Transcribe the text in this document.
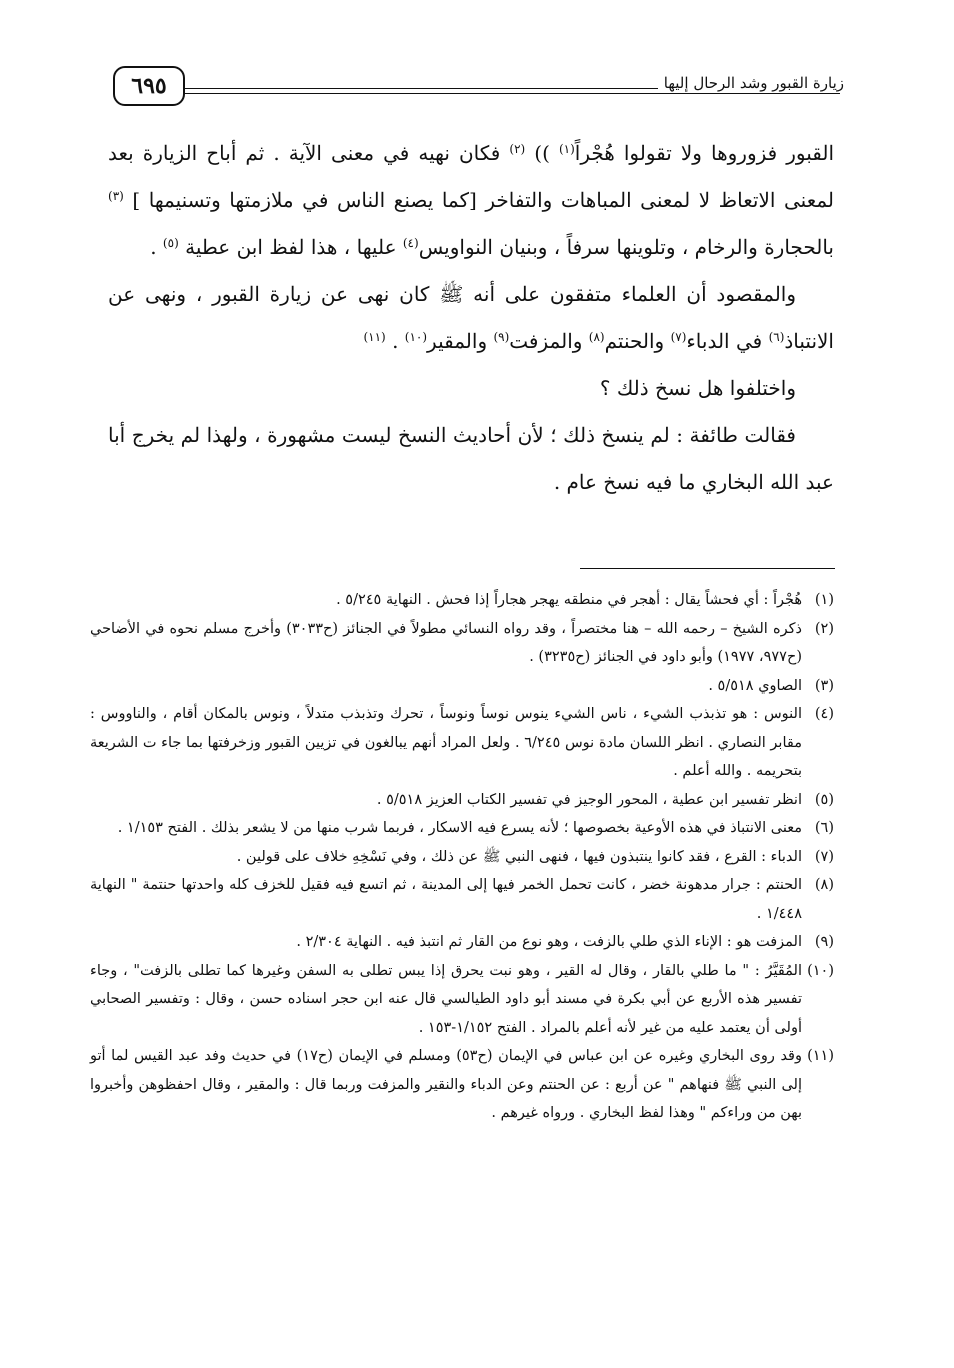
٦٩٥	زيارة القبور وشد الرحال إليها

القبور فزوروها ولا تقولوا هُجْراً$^{(١)}$ )) $^{(٢)}$ فكان نهيه في معنى الآية . ثم أباح الزيارة بعد لمعنى الاتعاظ لا لمعنى المباهات والتفاخر [كما يصنع الناس في ملازمتها وتسنيمها ] $^{(٣)}$ بالحجارة والرخام ، وتلوينها سرفاً ، وبنيان النواويس$^{(٤)}$ عليها ، هذا لفظ ابن عطية $^{(٥)}$ .

والمقصود أن العلماء متفقون على أنه ﷺ كان نهى عن زيارة القبور ، ونهى عن الانتباذ$^{(٦)}$ في الدباء$^{(٧)}$ والحنتم$^{(٨)}$ والمزفت$^{(٩)}$ والمقير$^{(١٠)}$ . $^{(١١)}$

واختلفوا هل نسخ ذلك ؟

فقالت طائفة : لم ينسخ ذلك ؛ لأن أحاديث النسخ ليست مشهورة ، ولهذا لم يخرج أبا عبد الله البخاري ما فيه نسخ عام .

(١)
هُجْراً : أي فحشاً يقال : أهجر في منطقه يهجر هجاراً إذا فحش . النهاية ٥/٢٤٥ .

(٢)
ذكره الشيخ – رحمه الله – هنا مختصراً ، وقد رواه النسائي مطولاً في الجنائز (ح٣٠٣٣) وأخرج مسلم نحوه في الأضاحي (ح٩٧٧، ١٩٧٧) وأبو داود في الجنائز (ح٣٢٣٥) .

(٣)
الصاوي ٥/٥١٨ .

(٤)
النوس : هو تذبذب الشيء ، ناس الشيء ينوس نوساً ونوساً ، تحرك وتذبذب متدلاً ، ونوس بالمكان أقام ، والناووس : مقابر النصاري . انظر اللسان مادة نوس ٦/٢٤٥ . ولعل المراد أنهم يبالغون في تزيين القبور وزخرفتها بما جاء ت الشريعة بتحريمه . والله أعلم .

(٥)
انظر تفسير ابن عطية ، المحور الوجيز في تفسير الكتاب العزيز ٥/٥١٨ .

(٦)
معنى الانتباذ في هذه الأوعية بخصوصها ؛ لأنه يسرع فيه الاسكار ، فربما شرب منها من لا يشعر بذلك . الفتح ١/١٥٣ .

(٧)
الدباء : القرع ، فقد كانوا ينتبذون فيها ، فنهى النبي ﷺ عن ذلك ، وفي نَسْخِهِ خلاف على قولين .

(٨)
الحنتم : جرار مدهونة خضر ، كانت تحمل الخمر فيها إلى المدينة ، ثم اتسع فيه فقيل للخزف كله واحدتها حنتمة " النهاية ١/٤٤٨ .

(٩)
المزفت هو : الإناء الذي طلي بالزفت ، وهو نوع من القار ثم انتبذ فيه . النهاية ٢/٣٠٤ .

(١٠)
المُقَيَّرُ : " ما طلي بالقار ، وقال له القير ، وهو نبت يحرق إذا يبس تطلى به السفن وغيرها كما تطلى بالزفت" ، وجاء تفسير هذه الأربع عن أبي بكرة في مسند أبو داود الطيالسي قال عنه ابن حجر اسناده حسن ، وقال : وتفسير الصحابي أولى أن يعتمد عليه من غير لأنه أعلم بالمراد . الفتح ١/١٥٢-١٥٣ .

(١١)
وقد روى البخاري وغيره عن ابن عباس في الإيمان (ح٥٣) ومسلم في الإيمان (ح١٧) في حديث وفد عبد القيس لما أتو إلى النبي ﷺ فنهاهم " عن أربع : عن الحنتم وعن الدباء والنقير والمزفت وربما قال : والمقير ، وقال احفظوهن وأخبروا بهن من وراءكم " وهذا لفظ البخاري . ورواه غيرهم .
